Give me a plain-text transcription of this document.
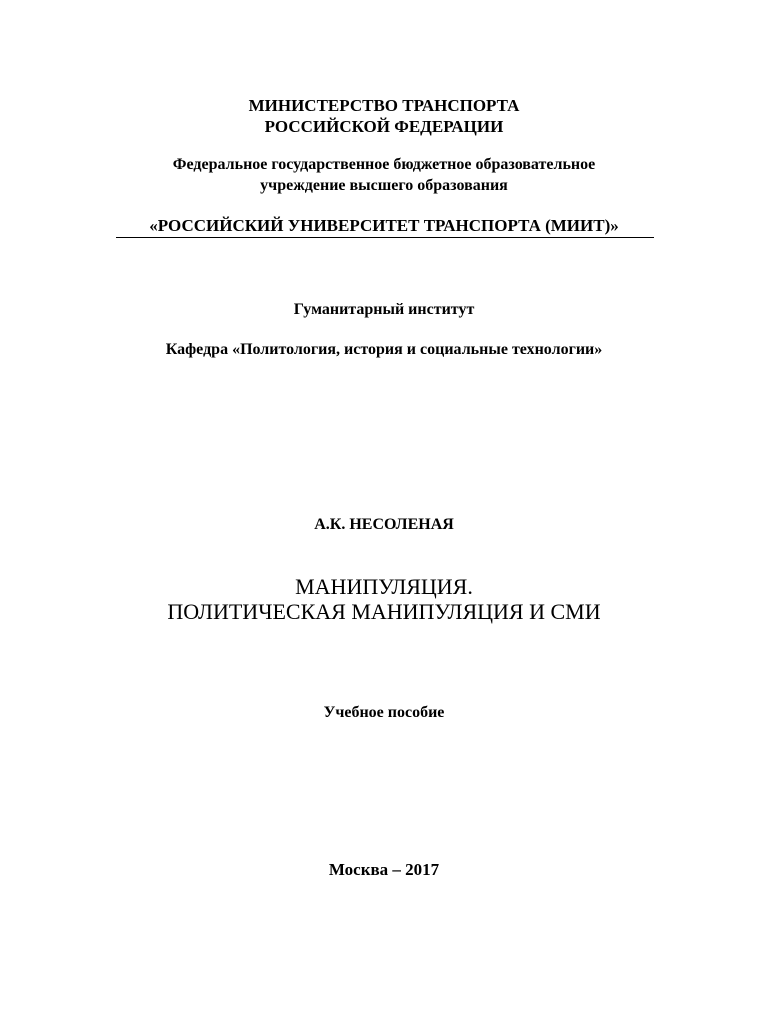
МИНИСТЕРСТВО ТРАНСПОРТА
РОССИЙСКОЙ ФЕДЕРАЦИИ
Федеральное государственное бюджетное образовательное
учреждение высшего образования
«РОССИЙСКИЙ УНИВЕРСИТЕТ ТРАНСПОРТА (МИИТ)»
Гуманитарный институт
Кафедра «Политология, история и социальные технологии»
А.К. НЕСОЛЕНАЯ
МАНИПУЛЯЦИЯ.
ПОЛИТИЧЕСКАЯ МАНИПУЛЯЦИЯ И СМИ
Учебное пособие
Москва – 2017
